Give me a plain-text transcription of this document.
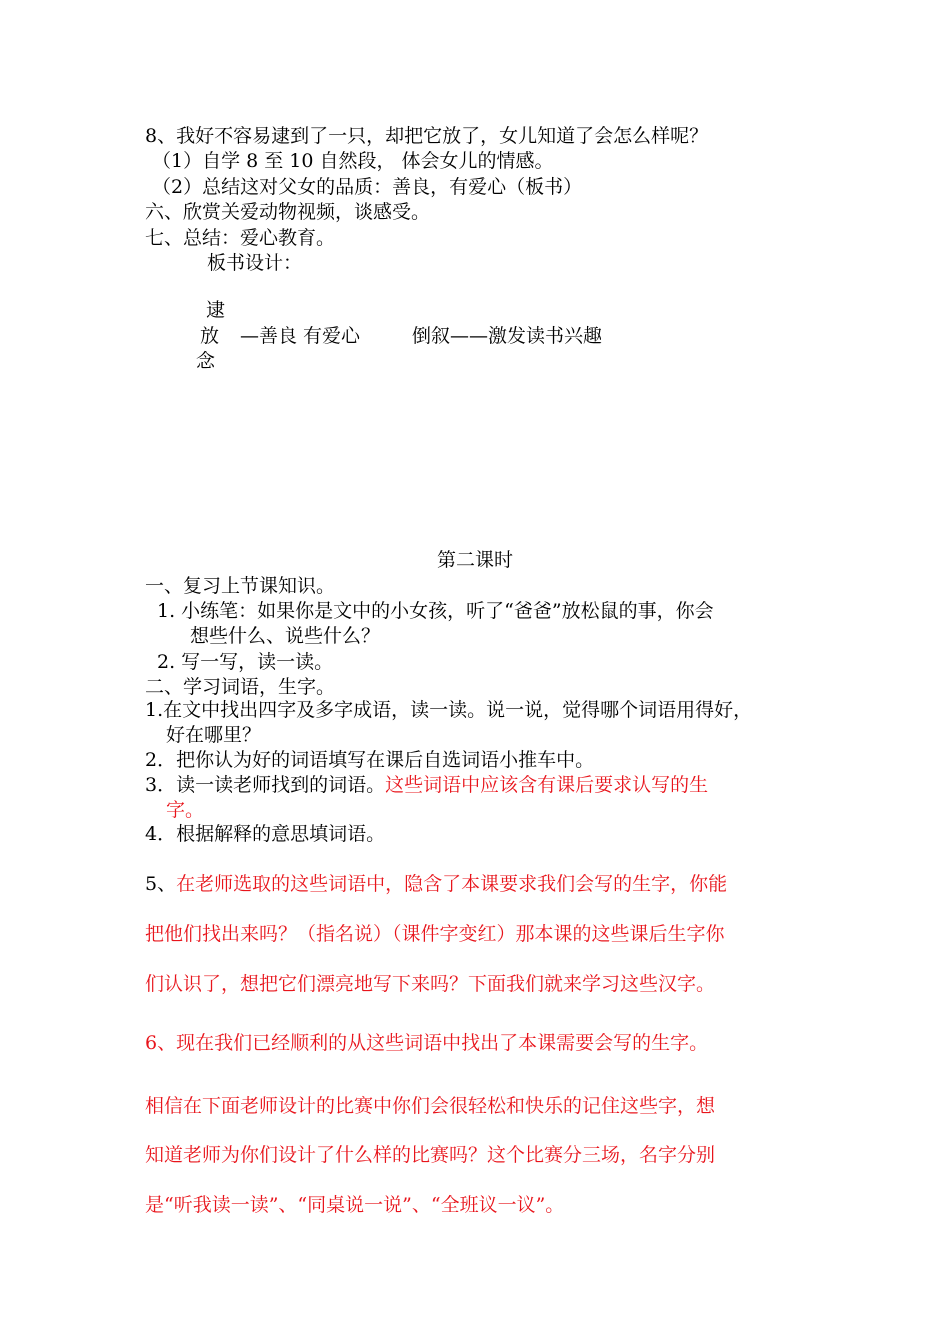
8、我好不容易逮到了一只，却把它放了，女儿知道了会怎么样呢？
（1）自学 8 至 10 自然段， 体会女儿的情感。
（2）总结这对父女的品质：善良，有爱心（板书）
六、欣赏关爱动物视频，谈感受。
七、总结：爱心教育。
板书设计：
逮
放 —善良 有爱心	倒叙——激发读书兴趣
念
第二课时
一、复习上节课知识。
1. 小练笔：如果你是文中的小女孩，听了“爸爸”放松鼠的事，你会
想些什么、说些什么？
2. 写一写，读一读。
二、学习词语，生字。
1.在文中找出四字及多字成语，读一读。说一说，觉得哪个词语用得好，
好在哪里？
2．把你认为好的词语填写在课后自选词语小推车中。
3．读一读老师找到的词语。这些词语中应该含有课后要求认写的生
字。
4．根据解释的意思填词语。
5、在老师选取的这些词语中，隐含了本课要求我们会写的生字，你能
把他们找出来吗？（指名说）（课件字变红）那本课的这些课后生字你
们认识了，想把它们漂亮地写下来吗？下面我们就来学习这些汉字。
6、现在我们已经顺利的从这些词语中找出了本课需要会写的生字。
相信在下面老师设计的比赛中你们会很轻松和快乐的记住这些字，想
知道老师为你们设计了什么样的比赛吗？这个比赛分三场，名字分别
是“听我读一读”、“同桌说一说”、“全班议一议”。
